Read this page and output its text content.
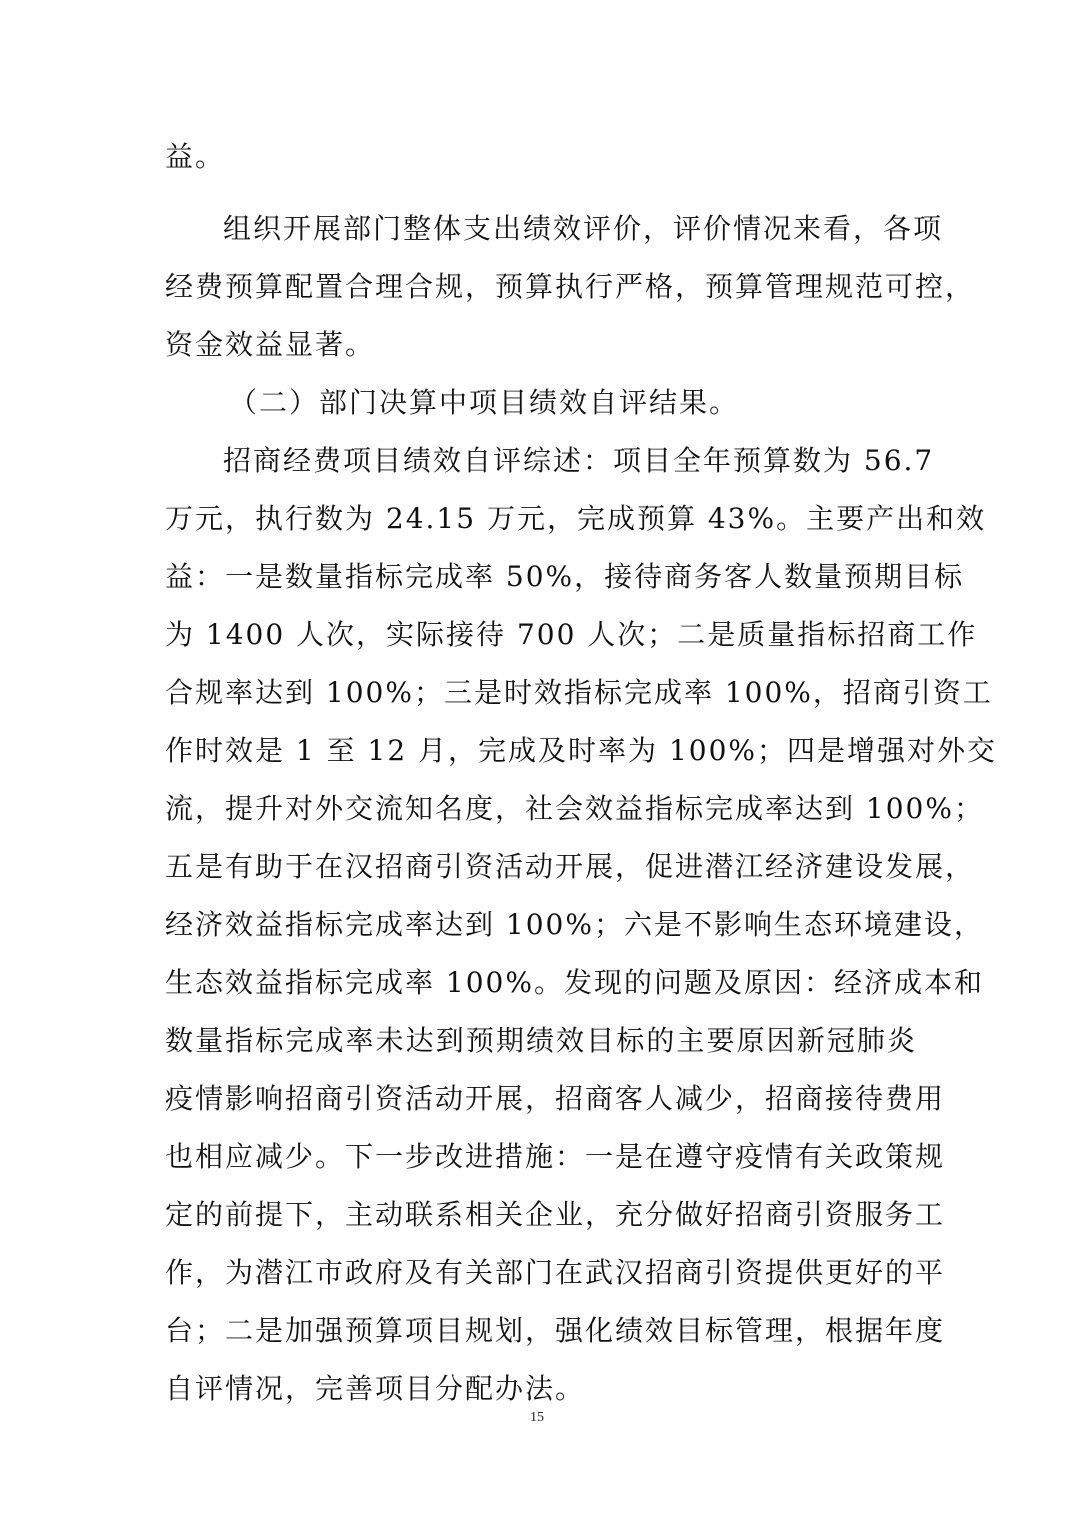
益。
组织开展部门整体支出绩效评价，评价情况来看，各项
经费预算配置合理合规，预算执行严格，预算管理规范可控，
资金效益显著。
（二）部门决算中项目绩效自评结果。
招商经费项目绩效自评综述：项目全年预算数为 56.7
万元，执行数为 24.15 万元，完成预算 43%。主要产出和效
益：一是数量指标完成率 50%，接待商务客人数量预期目标
为 1400 人次，实际接待 700 人次；二是质量指标招商工作
合规率达到 100%；三是时效指标完成率 100%，招商引资工
作时效是 1 至 12 月，完成及时率为 100%；四是增强对外交
流，提升对外交流知名度，社会效益指标完成率达到 100%；
五是有助于在汉招商引资活动开展，促进潜江经济建设发展，
经济效益指标完成率达到 100%；六是不影响生态环境建设，
生态效益指标完成率 100%。发现的问题及原因：经济成本和
数量指标完成率未达到预期绩效目标的主要原因新冠肺炎
疫情影响招商引资活动开展，招商客人减少，招商接待费用
也相应减少。下一步改进措施：一是在遵守疫情有关政策规
定的前提下，主动联系相关企业，充分做好招商引资服务工
作，为潜江市政府及有关部门在武汉招商引资提供更好的平
台；二是加强预算项目规划，强化绩效目标管理，根据年度
自评情况，完善项目分配办法。
15
